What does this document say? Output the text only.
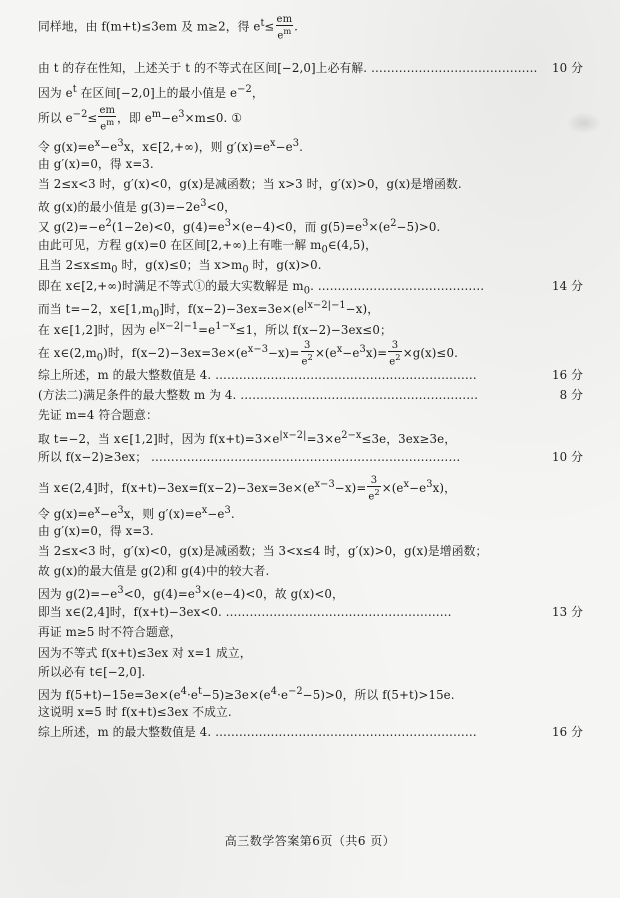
同样地，由 f(m+t)≤3em 及 m≥2，得 $e^t\le \frac{em}{e^m}$ .
由 t 的存在性知，上述关于 t 的不等式在区间[−2,0]上必有解. …………………………………… 10 分
因为 $e^t$ 在区间[−2,0]上的最小值是 $e^{-2}$，
所以 $e^{-2}\le \frac{em}{e^m}$ ，即 $e^m-e^3\times m\le 0$. ①
令 $g(x)=e^x-e^3x$，x∈[2,+∞)，则 $g'(x)=e^x-e^3$.
由 g′(x)=0，得 x=3.
当 2≤x<3 时，g′(x)<0，g(x)是减函数；当 x>3 时，g′(x)>0，g(x)是增函数.
故 g(x)的最小值是 $g(3)=-2e^3<0$，
又 $g(2)=-e^2(1-2e)<0$，$g(4)=e^3\times(e-4)<0$，而 $g(5)=e^3\times(e^2-5)>0$.
由此可见，方程 g(x)=0 在区间[2,+∞)上有唯一解 $m_0\in(4,5)$，
且当 $2\le x\le m_0$ 时，g(x)≤0；当 $x>m_0$ 时，g(x)>0.
即在 x∈[2,+∞)时满足不等式①的最大实数解是 $m_0$. ……………………………………	14 分
而当 t=−2，$x\in[1,m_0]$时，$f(x-2)-3ex=3e\times(e^{|x-2|-1}-x)$，
在 x∈[1,2]时，因为 $e^{|x-2|-1}=e^{1-x}\le 1$，所以 f(x−2)−3ex≤0；
在 $x\in(2,m_0)$时，$f(x-2)-3ex=3e\times(e^{x-3}-x)= \frac{3}{e^2} \times(e^x-e^3x)= \frac{3}{e^2} \times g(x)\le 0$.
综上所述，m 的最大整数值是 4. …………………………………………………………	16 分
(方法二)满足条件的最大整数 m 为 4. ……………………………………………………	8 分
先证 m=4 符合题意：
取 t=−2，当 x∈[1,2]时，因为 $f(x+t)=3\times e^{|x-2|}=3\times e^{2-x}\le 3e$，3ex≥3e，
所以 f(x−2)≥3ex； ……………………………………………………………………	10 分
当 x∈(2,4]时，$f(x+t)-3ex=f(x-2)-3ex=3e\times(e^{x-3}-x)= \frac{3}{e^2} \times(e^x-e^3x)$，
令 $g(x)=e^x-e^3x$，则 $g'(x)=e^x-e^3$.
由 g′(x)=0，得 x=3.
当 2≤x<3 时，g′(x)<0，g(x)是减函数；当 3<x≤4 时，g′(x)>0，g(x)是增函数；
故 g(x)的最大值是 g(2)和 g(4)中的较大者.
因为 $g(2)=-e^3<0$，$g(4)=e^3\times(e-4)<0$，故 g(x)<0，
即当 x∈(2,4]时，f(x+t)−3ex<0. …………………………………………………	13 分
再证 m≥5 时不符合题意，
因为不等式 f(x+t)≤3ex 对 x=1 成立，
所以必有 t∈[−2,0].
因为 $f(5+t)-15e=3e\times(e^4\cdot e^t-5)\ge 3e\times(e^4\cdot e^{-2}-5)>0$，所以 f(5+t)>15e.
这说明 x=5 时 f(x+t)≤3ex 不成立.
综上所述，m 的最大整数值是 4. …………………………………………………………	16 分
高三数学答案第6页（共6 页）
